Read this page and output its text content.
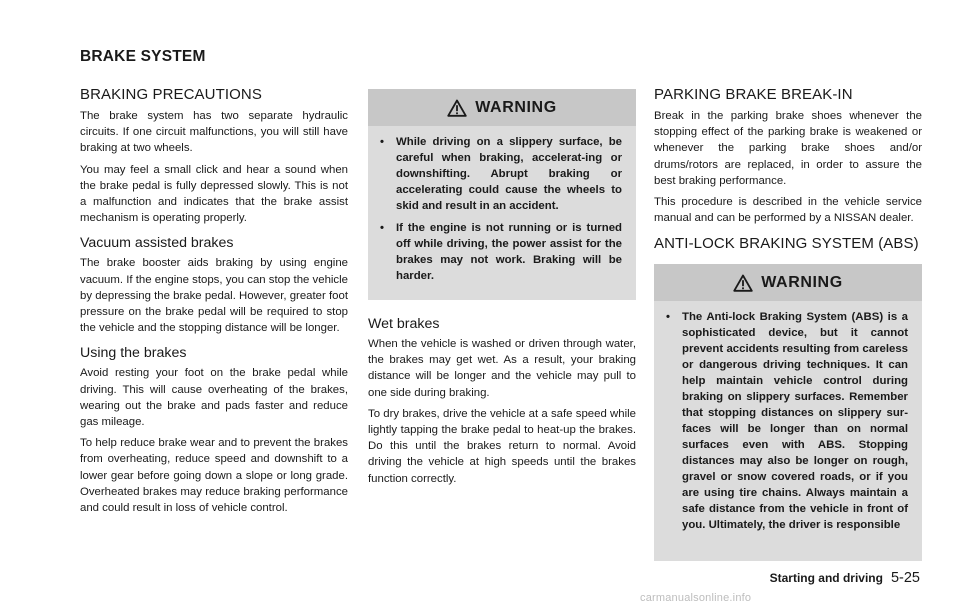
BRAKE SYSTEM
BRAKING PRECAUTIONS

The brake system has two separate hydraulic circuits. If one circuit malfunctions, you will still have braking at two wheels.

You may feel a small click and hear a sound when the brake pedal is fully depressed slowly. This is not a malfunction and indicates that the brake assist mechanism is operating properly.

Vacuum assisted brakes

The brake booster aids braking by using engine vacuum. If the engine stops, you can stop the vehicle by depressing the brake pedal. However, greater foot pressure on the brake pedal will be required to stop the vehicle and the stopping distance will be longer.

Using the brakes

Avoid resting your foot on the brake pedal while driving. This will cause overheating of the brakes, wearing out the brake and pads faster and reduce gas mileage.

To help reduce brake wear and to prevent the brakes from overheating, reduce speed and downshift to a lower gear before going down a slope or long grade. Overheated brakes may reduce braking performance and could result in loss of vehicle control.

WARNING
• While driving on a slippery surface, be careful when braking, accelerat-ing or downshifting. Abrupt braking or accelerating could cause the wheels to skid and result in an accident.
• If the engine is not running or is turned off while driving, the power assist for the brakes may not work. Braking will be harder.
Wet brakes

When the vehicle is washed or driven through water, the brakes may get wet. As a result, your braking distance will be longer and the vehicle may pull to one side during braking.

To dry brakes, drive the vehicle at a safe speed while lightly tapping the brake pedal to heat-up the brakes. Do this until the brakes return to normal. Avoid driving the vehicle at high speeds until the brakes function correctly.

PARKING BRAKE BREAK-IN

Break in the parking brake shoes whenever the stopping effect of the parking brake is weakened or whenever the parking brake shoes and/or drums/rotors are replaced, in order to assure the best braking performance.

This procedure is described in the vehicle service manual and can be performed by a NISSAN dealer.

ANTI-LOCK BRAKING SYSTEM (ABS)
WARNING
• The Anti-lock Braking System (ABS) is a sophisticated device, but it cannot prevent accidents resulting from careless or dangerous driving techniques. It can help maintain vehicle control during braking on slippery surfaces. Remember that stopping distances on slippery sur-faces will be longer than on normal surfaces even with ABS. Stopping distances may also be longer on rough, gravel or snow covered roads, or if you are using tire chains. Always maintain a safe distance from the vehicle in front of you. Ultimately, the driver is responsible
Starting and driving 5-25
carmanualsonline.info
